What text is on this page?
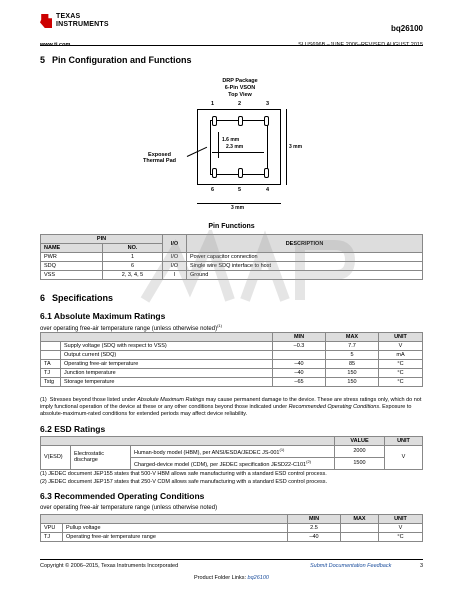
TEXAS
INSTRUMENTS
www.ti.com
bq26100
SLUS696B –JUNE 2006–REVISED AUGUST 2015
5 Pin Configuration and Functions
DRP Package
6-Pin VSON
Top View
1	2	3
1.6 mm
2.3 mm	3 mm
6	5	4
3 mm
Exposed
Thermal Pad
Pin Functions
PIN		I/O	DESCRIPTION
NAME	NO.		
PWR	1	I/O	Power capacitor connection
SDQ	6	I/O	Single wire SDQ interface to host
VSS	2, 3, 4, 5	I	Ground
6 Specifications
6.1 Absolute Maximum Ratings
over operating free-air temperature range (unless otherwise noted)$^{(1)}$
		MIN	MAX	UNIT
	Supply voltage (SDQ with respect to VSS)	–0.3	7.7	V
	Output current (SDQ)		5	mA
TA	Operating free-air temperature	–40	85	°C
TJ	Junction temperature	–40	150	°C
Tstg	Storage temperature	–65	150	°C
(1) Stresses beyond those listed under Absolute Maximum Ratings may cause permanent damage to the device. These are stress ratings only, which do not imply functional operation of the device at these or any other conditions beyond those indicated under Recommended Operating Conditions. Exposure to absolute-maximum-rated conditions for extended periods may affect device reliability.
6.2 ESD Ratings
			VALUE	UNIT
V(ESD)	Electrostatic discharge	Human-body model (HBM), per ANSI/ESDA/JEDEC JS-001$^{(1)}$	2000	V
		Charged-device model (CDM), per JEDEC specification JESD22-C101$^{(2)}$	1500	
(1) JEDEC document JEP155 states that 500-V HBM allows safe manufacturing with a standard ESD control process.
(2) JEDEC document JEP157 states that 250-V CDM allows safe manufacturing with a standard ESD control process.
6.3 Recommended Operating Conditions
over operating free-air temperature range (unless otherwise noted)
		MIN	MAX	UNIT
VPU	Pullup voltage	2.5		V
TJ	Operating free-air temperature range	–40		°C
Copyright © 2006–2015, Texas Instruments Incorporated	Submit Documentation Feedback	3
Product Folder Links: bq26100
